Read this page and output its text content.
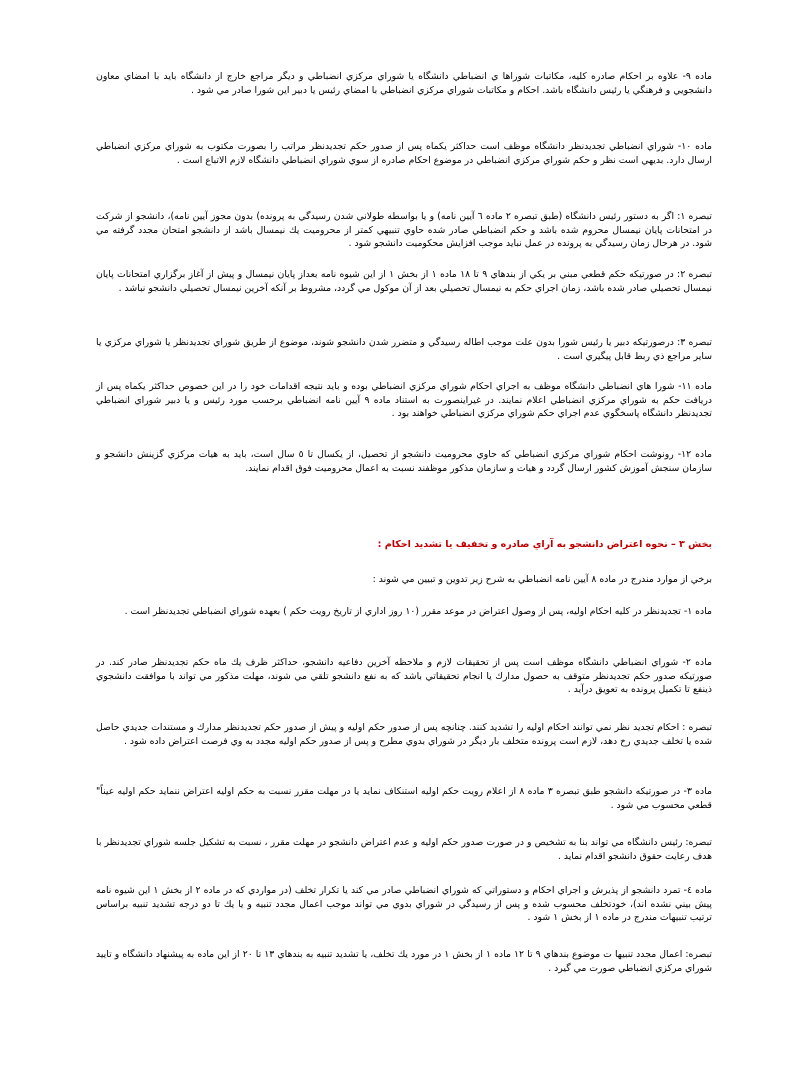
ماده ۹- علاوه بر احكام صادره كليه، مكاتبات شوراها ي انضباطي دانشگاه يا شوراي مركزي انضباطي و ديگر مراجع خارج از دانشگاه بايد با امضاي معاون دانشجويي و فرهنگي يا رئيس دانشگاه باشد. احكام و مكاتبات شوراي مركزي انضباطي با امضاي رئيس يا دبير اين شورا صادر مي شود .

ماده ۱۰- شوراي انضباطي تجديدنظر دانشگاه موظف است حداكثر يكماه پس از صدور حكم تجديدنظر مراتب را بصورت مكتوب به شوراي مركزي انضباطي ارسال دارد. بديهي است نظر و حكم شوراي مركزي انضباطي در موضوع احكام صادره از سوي شوراي انضباطي دانشگاه لازم الاتباع است .

تبصره ۱: اگر به دستور رئيس دانشگاه (طبق تبصره ۲ ماده ٦ آيين نامه) و يا بواسطه طولاني شدن رسيدگي به پرونده) بدون مجوز آيين نامه)، دانشجو از شركت در امتحانات پايان نيمسال محروم شده باشد و حكم انضباطي صادر شده حاوي تنبيهي كمتر از محروميت يك نيمسال باشد از دانشجو امتحان مجدد گرفته مي شود. در هرحال زمان رسيدگي به پرونده در عمل نبايد موجب افزايش محكوميت دانشجو شود .

تبصره ۲: در صورتيكه حكم قطعي مبني بر يكي از بندهاي ۹ تا ۱۸ ماده ۱ از بخش ۱ از اين شيوه نامه بعداز پايان نيمسال و پيش از آغاز برگزاري امتحانات پايان نيمسال تحصيلي صادر شده باشد، زمان اجراي حكم به نيمسال تحصيلي بعد از آن موكول مي گردد، مشروط بر آنكه آخرين نيمسال تحصيلي دانشجو نباشد .

تبصره ۳: درصورتيكه دبير يا رئيس شورا بدون علت موجب اطاله رسيدگي و متضرر شدن دانشجو شوند، موضوع از طريق شوراي تجديدنظر يا شوراي مركزي يا ساير مراجع ذي ربط قابل پيگيري است .

ماده ۱۱- شورا هاي انضباطي دانشگاه موظف به اجراي احكام شوراي مركزي انضباطي بوده و بايد نتيجه اقدامات خود را در اين خصوص حداكثر يكماه پس از دريافت حكم به شوراي مركزي انضباطي اعلام نمايند. در غيراينصورت به استناد ماده ۹ آيين نامه انضباطي برحسب مورد رئيس و يا دبير شوراي انضباطي تجديدنظر دانشگاه پاسخگوي عدم اجراي حكم شوراي مركزي انضباطي خواهند بود .

ماده ۱۲- رونوشت احكام شوراي مركزي انضباطي كه حاوي محروميت دانشجو از تحصيل، از يكسال تا ٥ سال است، بايد به هيات مركزي گزينش دانشجو و سازمان سنجش آموزش كشور ارسال گردد و هيات و سازمان مذكور موظفند نسبت به اعمال محروميت فوق اقدام نمايند.

بخش ۳ – نحوه اعتراض دانشجو به آراي صادره و تخفيف يا تشديد احكام :

برخي از موارد مندرج در ماده ۸ آيين نامه انضباطي به شرح زير تدوين و تبيين مي شوند :

ماده ۱- تجديدنظر در كليه احكام اوليه، پس از وصول اعتراض در موعد مقرر (۱۰ روز اداري از تاريخ رويت حكم ) بعهده شوراي انضباطي تجديدنظر است .

ماده ۲- شوراي انضباطي دانشگاه موظف است پس از تحقيقات لازم و ملاحظه آخرين دفاعيه دانشجو، حداكثر ظرف يك ماه حكم تجديدنظر صادر كند. در صورتيكه صدور حكم تجديدنظر متوقف به حصول مدارك يا انجام تحقيقاتي باشد كه به نفع دانشجو تلقي مي شوند، مهلت مذكور مي تواند با موافقت دانشجوي ذينفع تا تكميل پرونده به تعويق درآيد .

تبصره : احكام تجديد نظر نمي توانند احكام اوليه را تشديد كنند. چنانچه پس از صدور حكم اوليه و پيش از صدور حكم تجديدنظر مدارك و مستندات جديدي حاصل شده يا تخلف جديدي رخ دهد، لازم است پرونده متخلف بار ديگر در شوراي بدوي مطرح و پس از صدور حكم اوليه مجدد به وي فرصت اعتراض داده شود .

ماده ۳- در صورتيكه دانشجو طبق تبصره ۳ ماده ۸ از اعلام رويت حكم اوليه استنكاف نمايد يا در مهلت مقرر نسبت به حكم اوليه اعتراض ننمايد حكم اوليه عيناً" قطعي محسوب مي شود .

تبصره: رئيس دانشگاه مي تواند بنا به تشخيص و در صورت صدور حكم اوليه و عدم اعتراض دانشجو در مهلت مقرر ، نسبت به تشكيل جلسه شوراي تجديدنظر با هدف رعايت حقوق دانشجو اقدام نمايد .

ماده ٤- تمرد دانشجو از پذيرش و اجراي احكام و دستوراتي كه شوراي انضباطي صادر مي كند يا تكرار تخلف (در مواردي كه در ماده ۲ از بخش ۱ اين شيوه نامه پيش بيني نشده اند)، خودتخلف محسوب شده و پس از رسيدگي در شوراي بدوي مي تواند موجب اعمال مجدد تنبيه و يا يك تا دو درجه تشديد تنبيه براساس ترتيب تنبيهات مندرج در ماده ۱ از بخش ۱ شود .

تبصره: اعمال مجدد تنبيها ت موضوع بندهاي ۹ تا ۱۲ ماده ۱ از بخش ۱ در مورد يك تخلف، يا تشديد تنبيه به بندهاي ۱۳ تا ۲۰ از اين ماده به پيشنهاد دانشگاه و تاييد شوراي مركزي انضباطي صورت مي گيرد .
